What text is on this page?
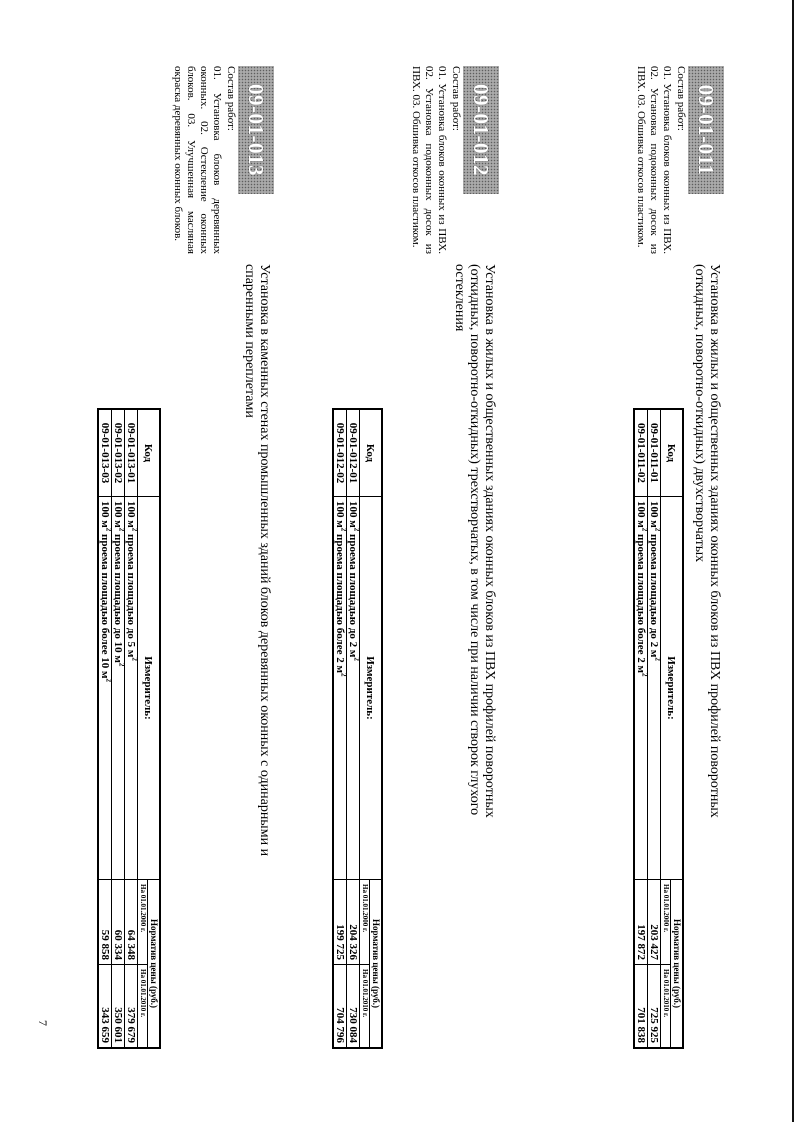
09-01-011
Состав работ:
01. Установка блоков оконных из ПВХ. 02. Установка подоконных досок из ПВХ. 03. Обшивка откосов пластиком.
Установка в жилых и общественных зданиях оконных блоков из ПВХ профилей поворотных (откидных, поворотно-откидных) двухстворчатых
Код	Измеритель:	Норматив цены (руб.)	
		На 01.01.2000 г.	На 01.01.2010 г.
09-01-011-01	100 $м^2$ проема площадью до 2 $м^2$	203 427	725 925
09-01-011-02	100 $м^2$ проема площадью более 2 $м^2$	197 872	701 838
09-01-012
Состав работ:
01. Установка блоков оконных из ПВХ. 02. Установка подоконных досок из ПВХ. 03. Обшивка откосов пластиком.
Установка в жилых и общественных зданиях оконных блоков из ПВХ профилей поворотных (откидных, поворотно-откидных) трехстворчатых, в том числе при наличии створок глухого остекления
Код	Измеритель:	Норматив цены (руб.)	
		На 01.01.2000 г.	На 01.01.2010 г.
09-01-012-01	100 $м^2$ проема площадью до 2 $м^2$	204 326	730 084
09-01-012-02	100 $м^2$ проема площадью более 2 $м^2$	199 725	704 796
09-01-013
Состав работ:
01. Установка блоков деревянных оконных. 02. Остекление оконных блоков. 03. Улучшенная масляная окраска деревянных оконных блоков.
Установка в каменных стенах промышленных зданий блоков деревянных оконных с одинарными и спаренными переплетами
Код	Измеритель:	Норматив цены (руб.)	
		На 01.01.2000 г.	На 01.01.2010 г.
09-01-013-01	100 $м^2$ проема площадью до 5 $м^2$	64 348	379 679
09-01-013-02	100 $м^2$ проема площадью до 10 $м^2$	60 334	350 601
09-01-013-03	100 $м^2$ проема площадью более 10 $м^2$	59 858	343 659
7
